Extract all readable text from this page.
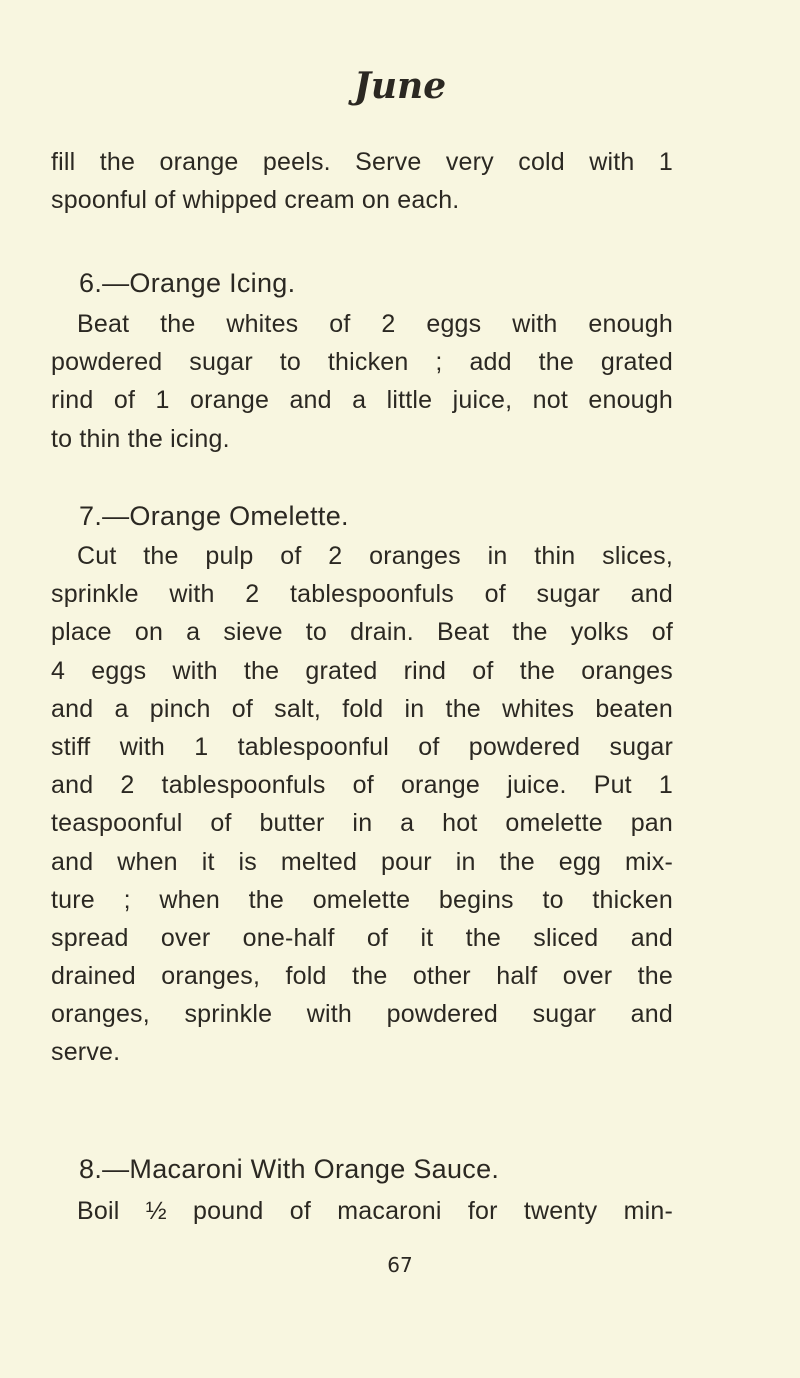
June
fill the orange peels. Serve very cold with 1
spoonful of whipped cream on each.
6.—Orange Icing.
Beat the whites of 2 eggs with enough
powdered sugar to thicken ; add the grated
rind of 1 orange and a little juice, not enough
to thin the icing.
7.—Orange Omelette.
Cut the pulp of 2 oranges in thin slices,
sprinkle with 2 tablespoonfuls of sugar and
place on a sieve to drain. Beat the yolks of
4 eggs with the grated rind of the oranges
and a pinch of salt, fold in the whites beaten
stiff with 1 tablespoonful of powdered sugar
and 2 tablespoonfuls of orange juice. Put 1
teaspoonful of butter in a hot omelette pan
and when it is melted pour in the egg mix-
ture ; when the omelette begins to thicken
spread over one-half of it the sliced and
drained oranges, fold the other half over the
oranges, sprinkle with powdered sugar and
serve.
8.—Macaroni With Orange Sauce.
Boil ½ pound of macaroni for twenty min-
67
